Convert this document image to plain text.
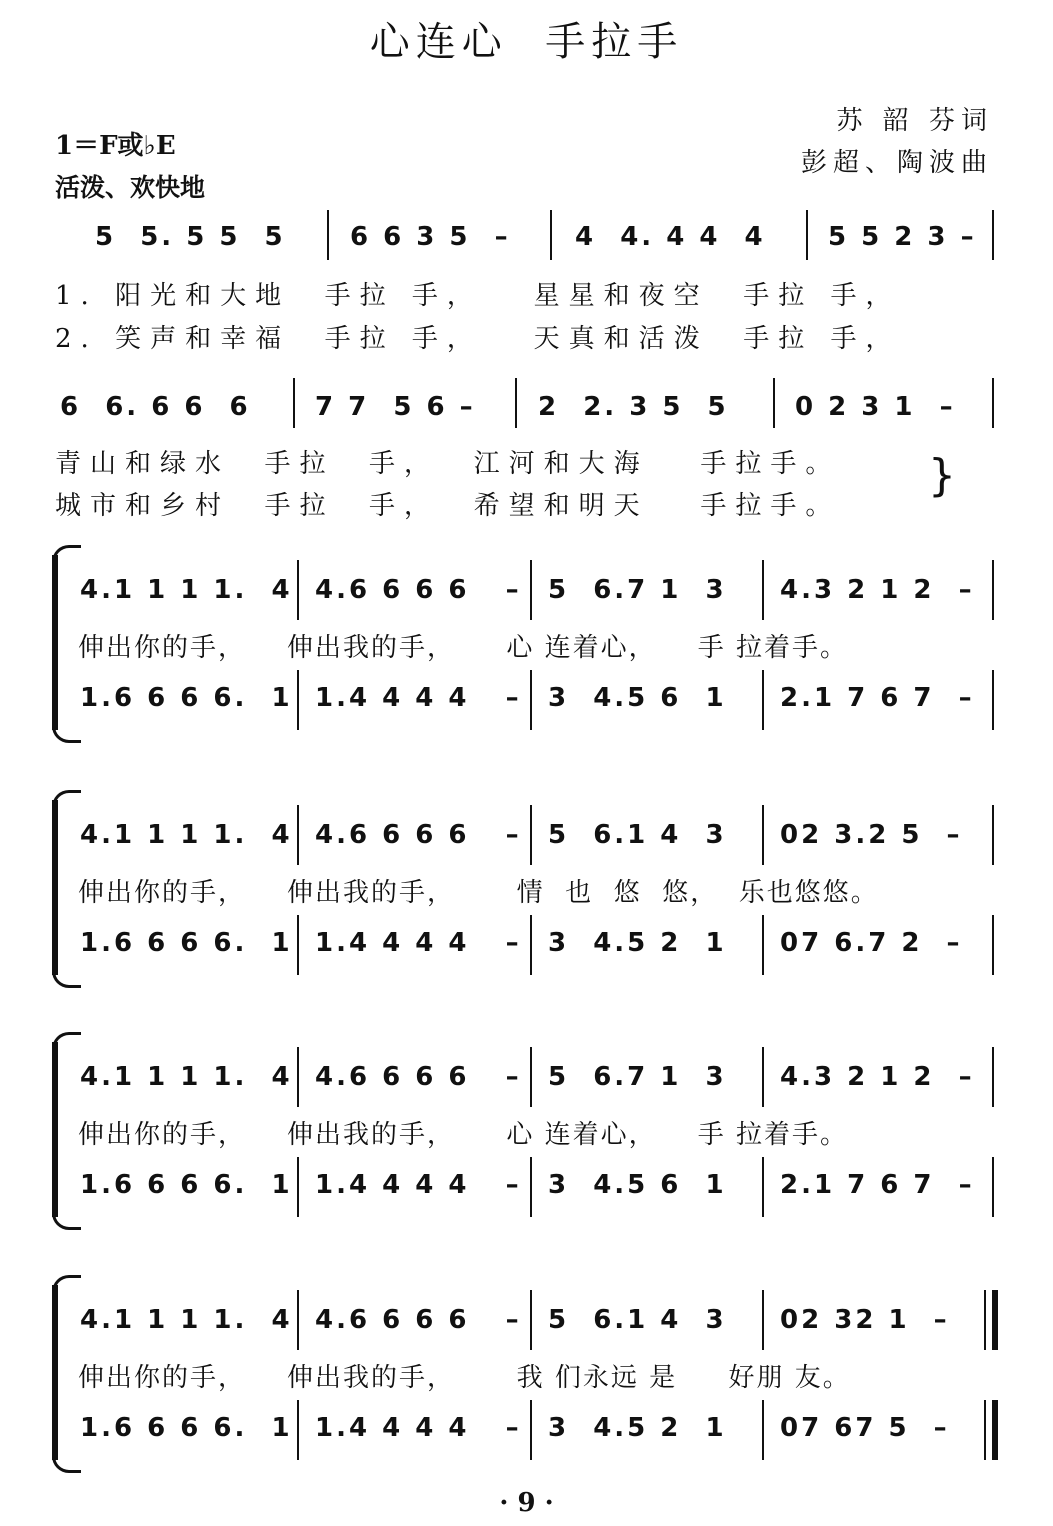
心连心  手拉手
苏 韶 芬词
彭超、陶波曲
1＝F或♭E
活泼、欢快地
5  5. 5 5  5 6 6 3 5  – 4  4. 4 4  4 5 5 2 3 –
1. 阳光和大地  手拉 手，   星星和夜空  手拉 手，
2. 笑声和幸福  手拉 手，   天真和活泼  手拉 手，
6  6. 6 6  6 7 7  5 6 – 2  2. 3 5  5	0 2 3 1  –
青山和绿水  手拉  手，  江河和大海   手拉手。
城市和乡村  手拉  手，  希望和明天   手拉手。
}
4.1 1 1 1.  4
1.6 6 6 6.  1
4.6 6 6 6   –
1.4 4 4 4   –
5  6.7 1  3
3  4.5 6  1
4.3 2 1 2  –
2.1 7 6 7  –
伸出你的手，    伸出我的手，     心 连着心，    手 拉着手。
4.1 1 1 1.  4
1.6 6 6 6.  1
4.6 6 6 6   –
1.4 4 4 4   –
5  6.1 4  3
3  4.5 2  1
02 3.2 5  –
07 6.7 2  –
伸出你的手，    伸出我的手，      情  也  悠  悠，  乐也悠悠。
4.1 1 1 1.  4
1.6 6 6 6.  1
4.6 6 6 6   –
1.4 4 4 4   –
5  6.7 1  3
3  4.5 6  1
4.3 2 1 2  –
2.1 7 6 7  –
伸出你的手，    伸出我的手，     心 连着心，    手 拉着手。
4.1 1 1 1.  4
1.6 6 6 6.  1
4.6 6 6 6   –
1.4 4 4 4   –
5  6.1 4  3
3  4.5 2  1
02 32 1  –
07 67 5  –
伸出你的手，    伸出我的手，      我 们永远 是     好朋 友。
· 9 ·
